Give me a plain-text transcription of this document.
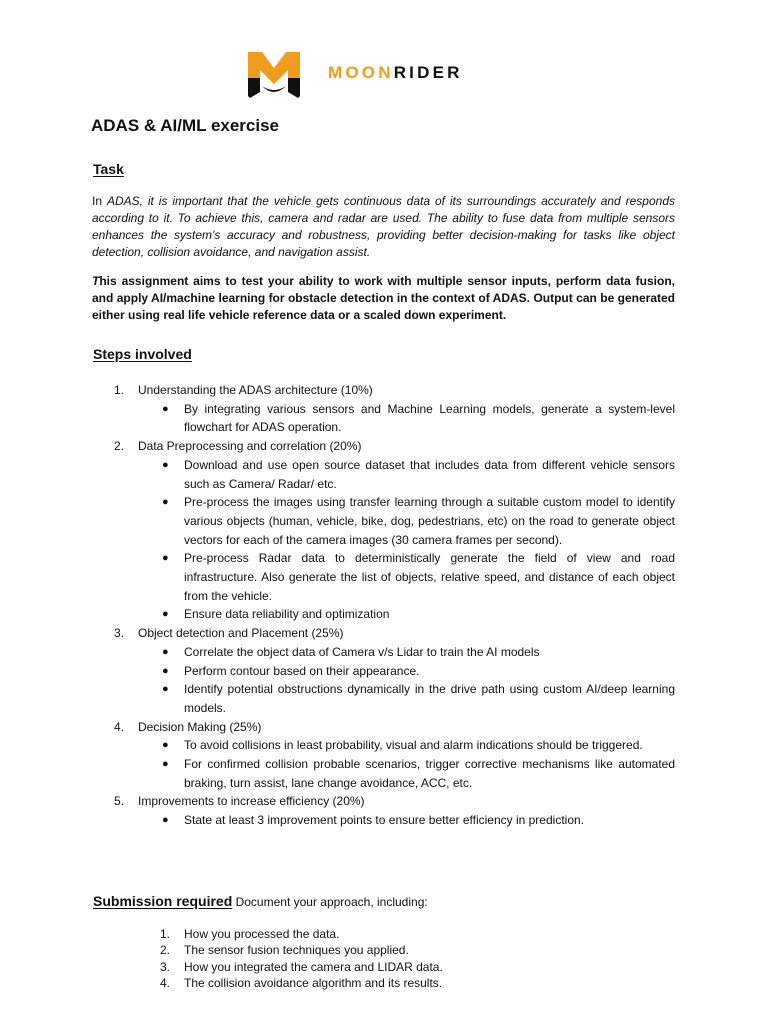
MOONRIDER
ADAS & AI/ML exercise
Task

In ADAS, it is important that the vehicle gets continuous data of its surroundings accurately and responds according to it. To achieve this, camera and radar are used. The ability to fuse data from multiple sensors enhances the system's accuracy and robustness, providing better decision-making for tasks like object detection, collision avoidance, and navigation assist.

This assignment aims to test your ability to work with multiple sensor inputs, perform data fusion, and apply AI/machine learning for obstacle detection in the context of ADAS. Output can be generated either using real life vehicle reference data or a scaled down experiment.

Steps involved
1. Understanding the ADAS architecture (10%)
● By integrating various sensors and Machine Learning models, generate a system-level flowchart for ADAS operation.
2. Data Preprocessing and correlation (20%)
● Download and use open source dataset that includes data from different vehicle sensors such as Camera/ Radar/ etc.
● Pre-process the images using transfer learning through a suitable custom model to identify various objects (human, vehicle, bike, dog, pedestrians, etc) on the road to generate object vectors for each of the camera images (30 camera frames per second).
● Pre-process Radar data to deterministically generate the field of view and road infrastructure. Also generate the list of objects, relative speed, and distance of each object from the vehicle.
● Ensure data reliability and optimization
3. Object detection and Placement (25%)
● Correlate the object data of Camera v/s Lidar to train the AI models
● Perform contour based on their appearance.
● Identify potential obstructions dynamically in the drive path using custom AI/deep learning models.
4. Decision Making (25%)
● To avoid collisions in least probability, visual and alarm indications should be triggered.
● For confirmed collision probable scenarios, trigger corrective mechanisms like automated braking, turn assist, lane change avoidance, ACC, etc.
5. Improvements to increase efficiency (20%)
● State at least 3 improvement points to ensure better efficiency in prediction.
Submission required Document your approach, including:
1. How you processed the data.
2. The sensor fusion techniques you applied.
3. How you integrated the camera and LIDAR data.
4. The collision avoidance algorithm and its results.
